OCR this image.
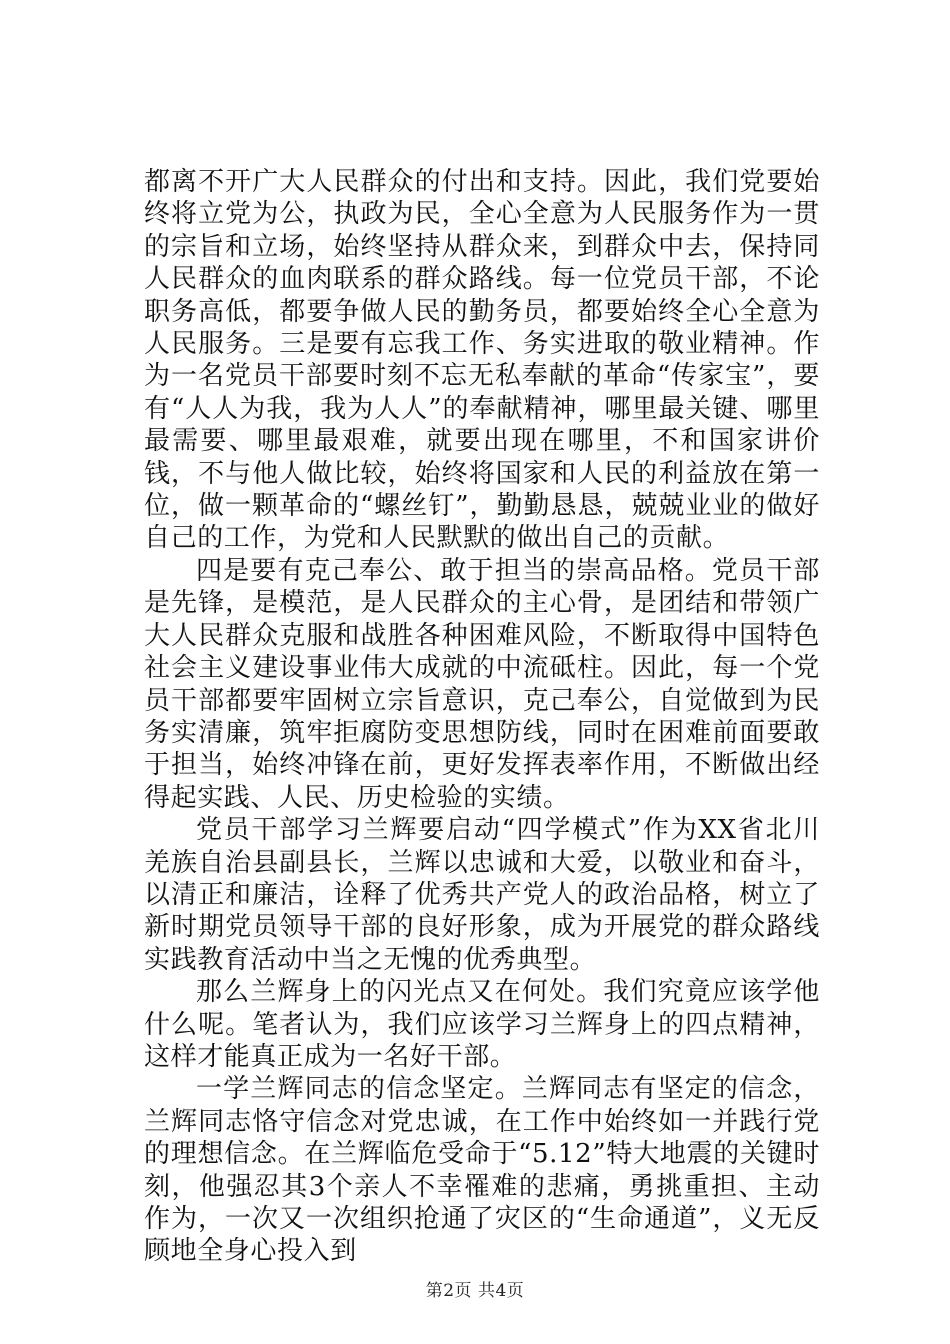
都离不开广大人民群众的付出和支持。因此，我们党要始终将立党为公，执政为民，全心全意为人民服务作为一贯的宗旨和立场，始终坚持从群众来，到群众中去，保持同人民群众的血肉联系的群众路线。每一位党员干部，不论职务高低，都要争做人民的勤务员，都要始终全心全意为人民服务。三是要有忘我工作、务实进取的敬业精神。作为一名党员干部要时刻不忘无私奉献的革命“传家宝”，要有“人人为我，我为人人”的奉献精神，哪里最关键、哪里最需要、哪里最艰难，就要出现在哪里，不和国家讲价钱，不与他人做比较，始终将国家和人民的利益放在第一位，做一颗革命的“螺丝钉”，勤勤恳恳，兢兢业业的做好自己的工作，为党和人民默默的做出自己的贡献。

四是要有克己奉公、敢于担当的崇高品格。党员干部是先锋，是模范，是人民群众的主心骨，是团结和带领广大人民群众克服和战胜各种困难风险，不断取得中国特色社会主义建设事业伟大成就的中流砥柱。因此，每一个党员干部都要牢固树立宗旨意识，克己奉公，自觉做到为民务实清廉，筑牢拒腐防变思想防线，同时在困难前面要敢于担当，始终冲锋在前，更好发挥表率作用，不断做出经得起实践、人民、历史检验的实绩。

党员干部学习兰辉要启动“四学模式”作为XX省北川羌族自治县副县长，兰辉以忠诚和大爱，以敬业和奋斗，以清正和廉洁，诠释了优秀共产党人的政治品格，树立了新时期党员领导干部的良好形象，成为开展党的群众路线实践教育活动中当之无愧的优秀典型。

那么兰辉身上的闪光点又在何处。我们究竟应该学他什么呢。笔者认为，我们应该学习兰辉身上的四点精神，这样才能真正成为一名好干部。

一学兰辉同志的信念坚定。兰辉同志有坚定的信念，兰辉同志恪守信念对党忠诚，在工作中始终如一并践行党的理想信念。在兰辉临危受命于“5.12”特大地震的关键时刻，他强忍其3个亲人不幸罹难的悲痛，勇挑重担、主动作为，一次又一次组织抢通了灾区的“生命通道”，义无反顾地全身心投入到

第2页 共4页
